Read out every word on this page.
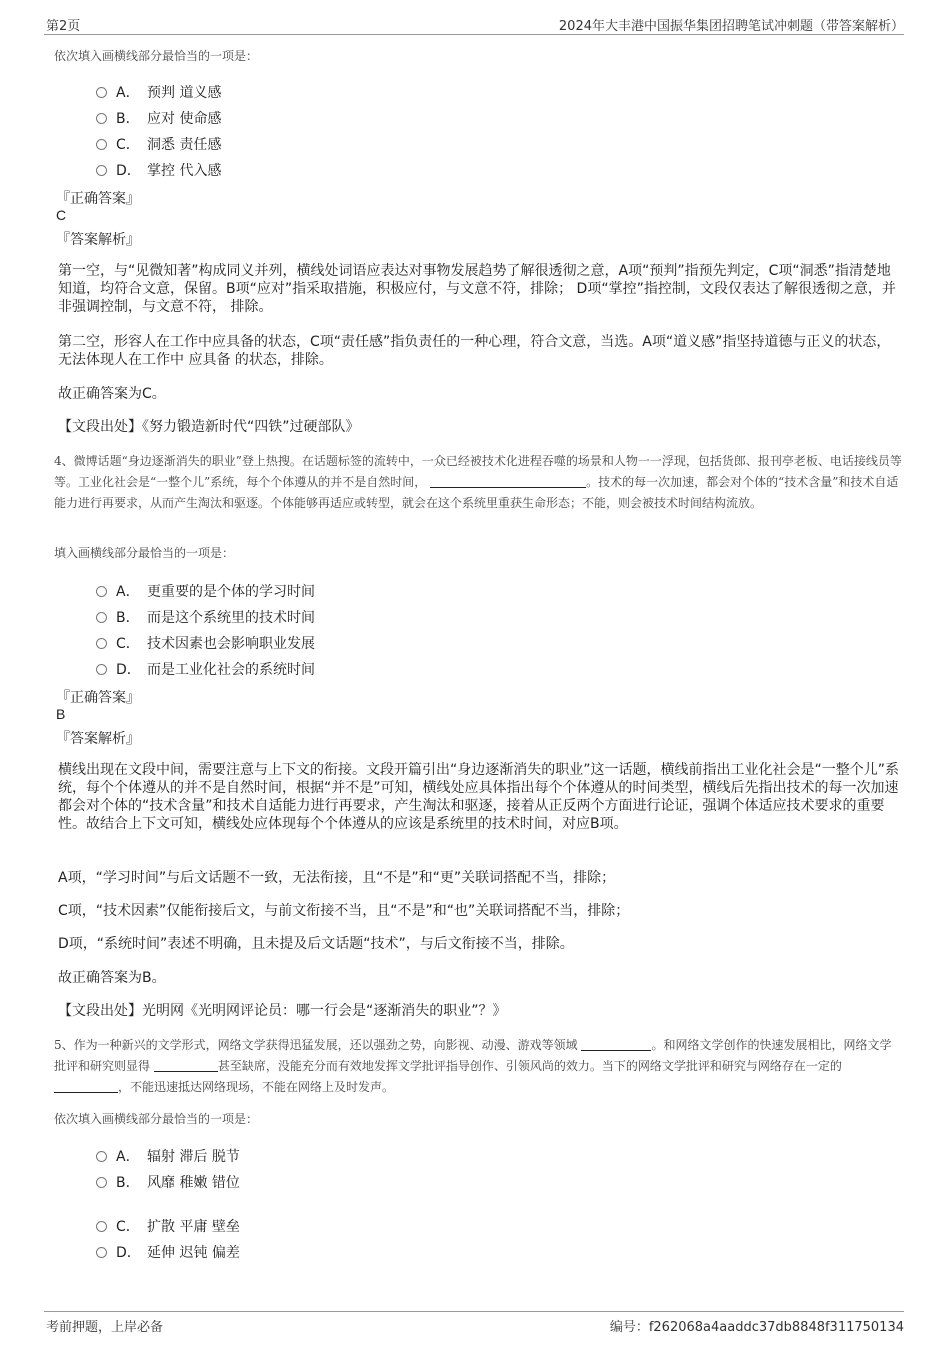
第2页	2024年大丰港中国振华集团招聘笔试冲刺题（带答案解析）
依次填入画横线部分最恰当的一项是：
A． 预判 道义感
B． 应对 使命感
C． 洞悉 责任感
D． 掌控 代入感
『正确答案』
C
『答案解析』
第一空，与“见微知著”构成同义并列，横线处词语应表达对事物发展趋势了解很透彻之意，A项“预判”指预先判定，C项“洞悉”指清楚地知道，均符合文意，保留。B项“应对”指采取措施，积极应付，与文意不符，排除； D项“掌控”指控制，文段仅表达了解很透彻之意，并非强调控制，与文意不符， 排除。
第二空，形容人在工作中应具备的状态，C项“责任感”指负责任的一种心理，符合文意，当选。A项“道义感”指坚持道德与正义的状态，无法体现人在工作中 应具备 的状态，排除。
故正确答案为C。
【文段出处】《努力锻造新时代“四铁”过硬部队》
4、微博话题“身边逐渐消失的职业”登上热搜。在话题标签的流转中，一众已经被技术化进程吞噬的场景和人物一一浮现，包括货郎、报刊亭老板、电话接线员等等。工业化社会是“一整个儿”系统，每个个体遵从的并不是自然时间，	。技术的每一次加速，都会对个体的“技术含量”和技术自适能力进行再要求，从而产生淘汰和驱逐。个体能够再适应或转型，就会在这个系统里重获生命形态；不能，则会被技术时间结构流放。
填入画横线部分最恰当的一项是：
A． 更重要的是个体的学习时间
B． 而是这个系统里的技术时间
C． 技术因素也会影响职业发展
D． 而是工业化社会的系统时间
『正确答案』
B
『答案解析』
横线出现在文段中间，需要注意与上下文的衔接。文段开篇引出“身边逐渐消失的职业”这一话题，横线前指出工业化社会是“一整个儿”系统，每个个体遵从的并不是自然时间，根据“并不是”可知，横线处应具体指出每个个体遵从的时间类型，横线后先指出技术的每一次加速都会对个体的“技术含量”和技术自适能力进行再要求，产生淘汰和驱逐，接着从正反两个方面进行论证，强调个体适应技术要求的重要性。故结合上下文可知，横线处应体现每个个体遵从的应该是系统里的技术时间，对应B项。
A项，“学习时间”与后文话题不一致，无法衔接，且“不是”和“更”关联词搭配不当，排除；
C项，“技术因素”仅能衔接后文，与前文衔接不当，且“不是”和“也”关联词搭配不当，排除；
D项，“系统时间”表述不明确，且未提及后文话题“技术”，与后文衔接不当，排除。
故正确答案为B。
【文段出处】光明网《光明网评论员：哪一行会是“逐渐消失的职业”？》
5、作为一种新兴的文学形式，网络文学获得迅猛发展，还以强劲之势，向影视、动漫、游戏等领域	。和网络文学创作的快速发展相比，网络文学批评和研究则显得	甚至缺席，没能充分而有效地发挥文学批评指导创作、引领风尚的效力。当下的网络文学批评和研究与网络存在一定的 ，不能迅速抵达网络现场，不能在网络上及时发声。
依次填入画横线部分最恰当的一项是：
A． 辐射 滞后 脱节
B． 风靡 稚嫩 错位
C． 扩散 平庸 壁垒
D． 延伸 迟钝 偏差
考前押题，上岸必备	编号：f262068a4aaddc37db8848f311750134
